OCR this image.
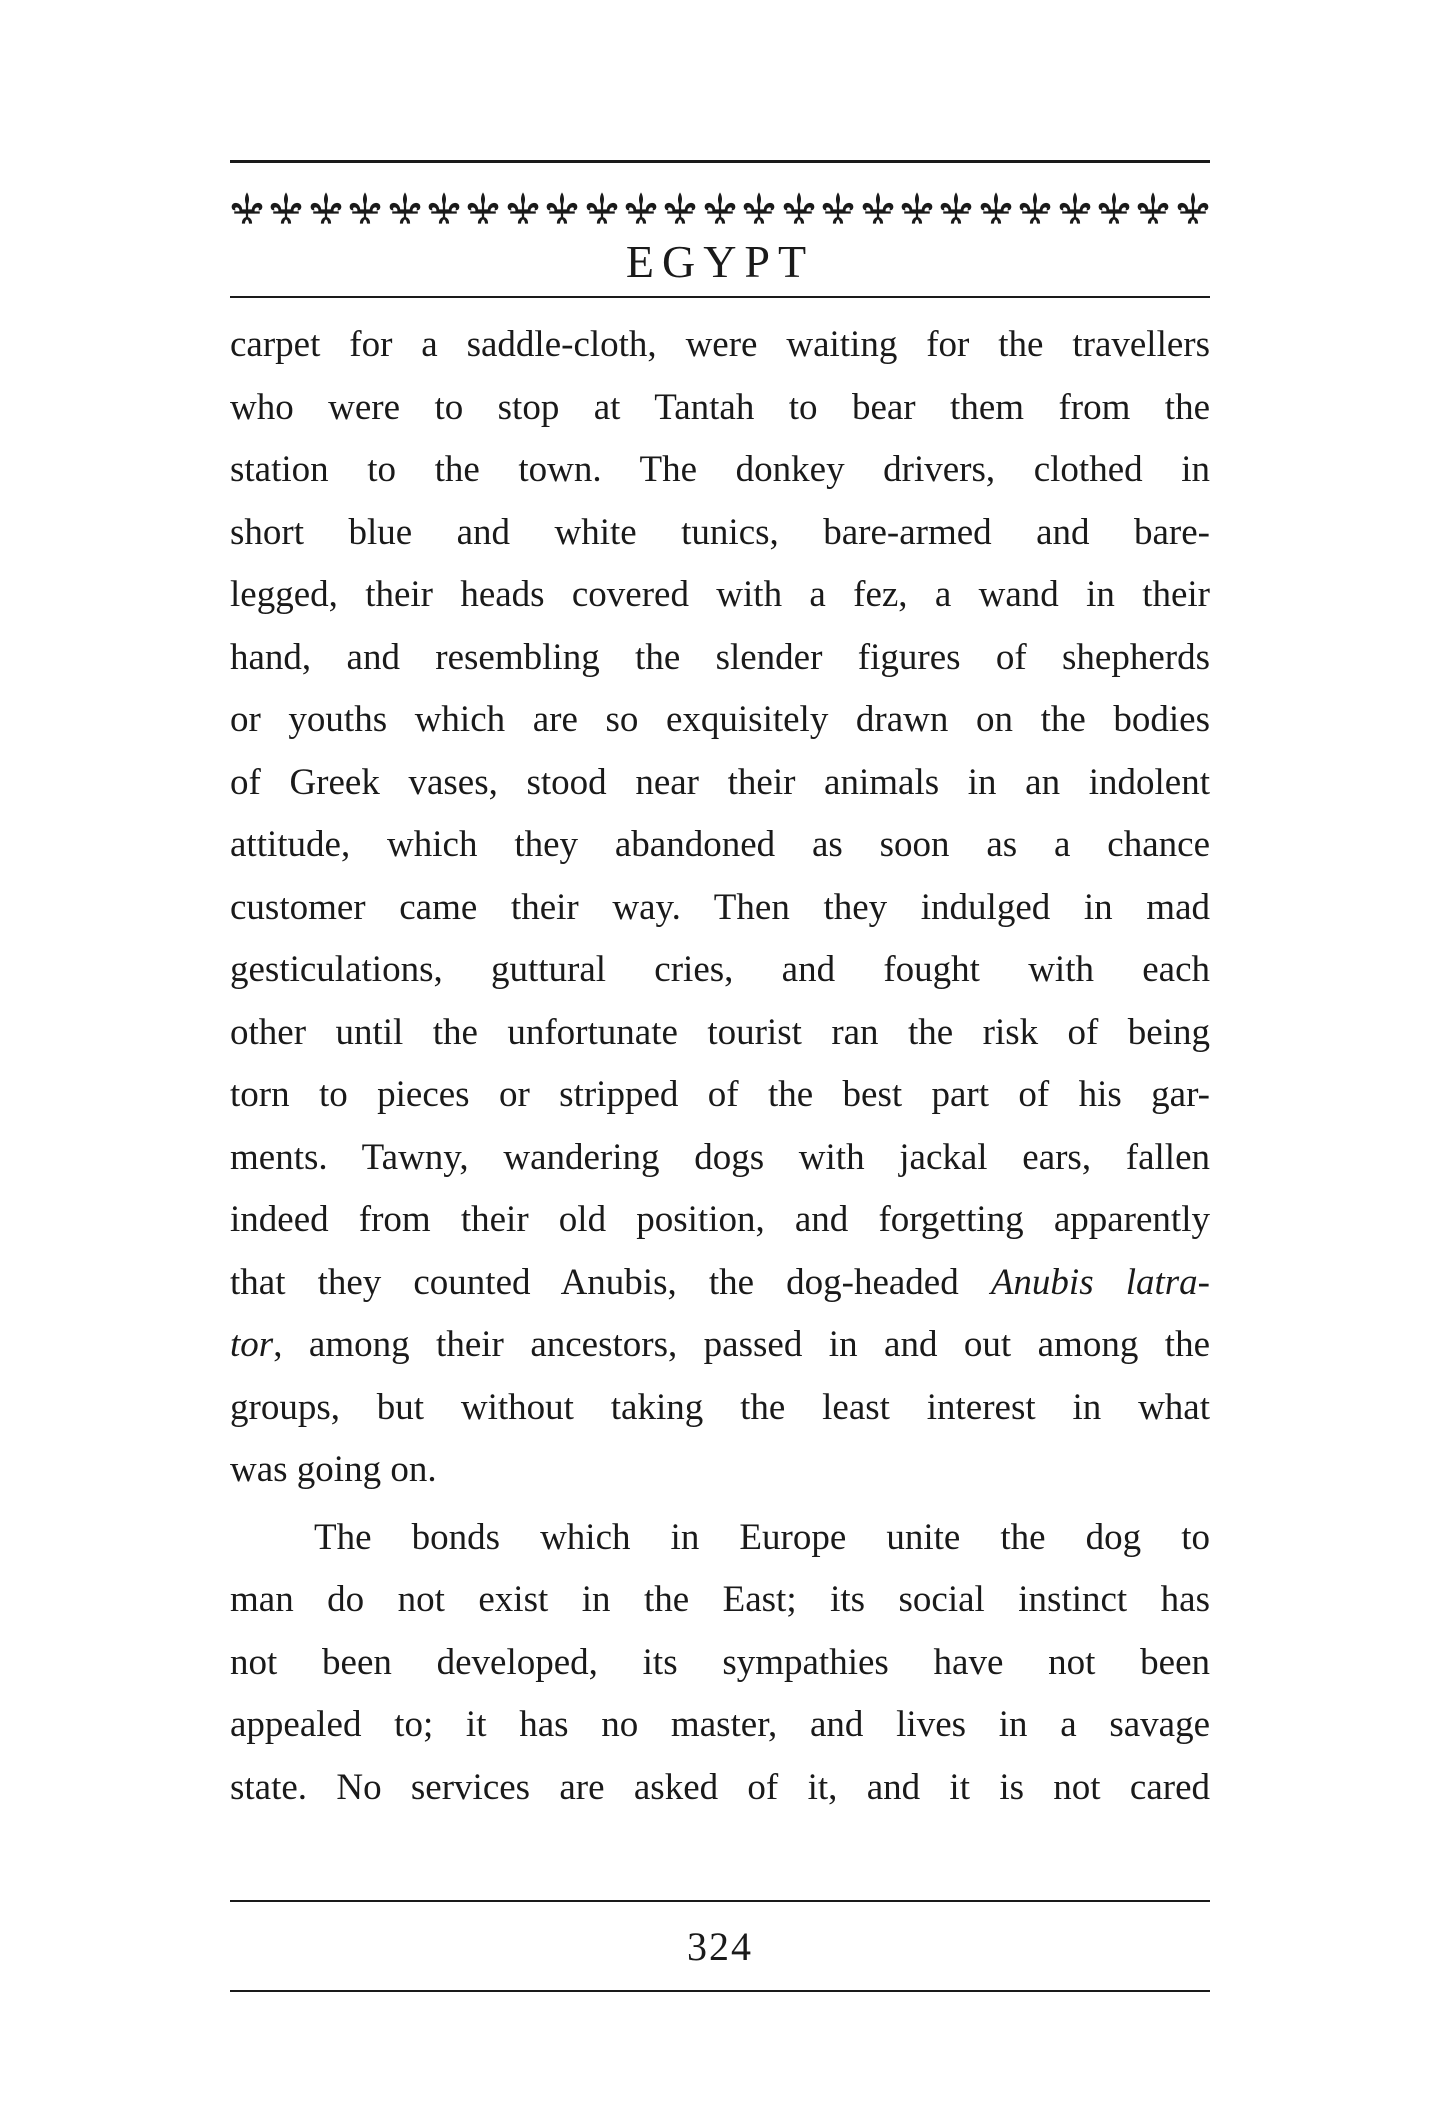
EGYPT
carpet for a saddle-cloth, were waiting for the travellers
who were to stop at Tantah to bear them from the
station to the town. The donkey drivers, clothed in
short blue and white tunics, bare-armed and bare-
legged, their heads covered with a fez, a wand in their
hand, and resembling the slender figures of shepherds
or youths which are so exquisitely drawn on the bodies
of Greek vases, stood near their animals in an indolent
attitude, which they abandoned as soon as a chance
customer came their way. Then they indulged in mad
gesticulations, guttural cries, and fought with each
other until the unfortunate tourist ran the risk of being
torn to pieces or stripped of the best part of his gar-
ments. Tawny, wandering dogs with jackal ears, fallen
indeed from their old position, and forgetting apparently
that they counted Anubis, the dog-headed Anubis latra-
tor, among their ancestors, passed in and out among the
groups, but without taking the least interest in what
was going on.
The bonds which in Europe unite the dog to
man do not exist in the East; its social instinct has
not been developed, its sympathies have not been
appealed to; it has no master, and lives in a savage
state. No services are asked of it, and it is not cared
324
